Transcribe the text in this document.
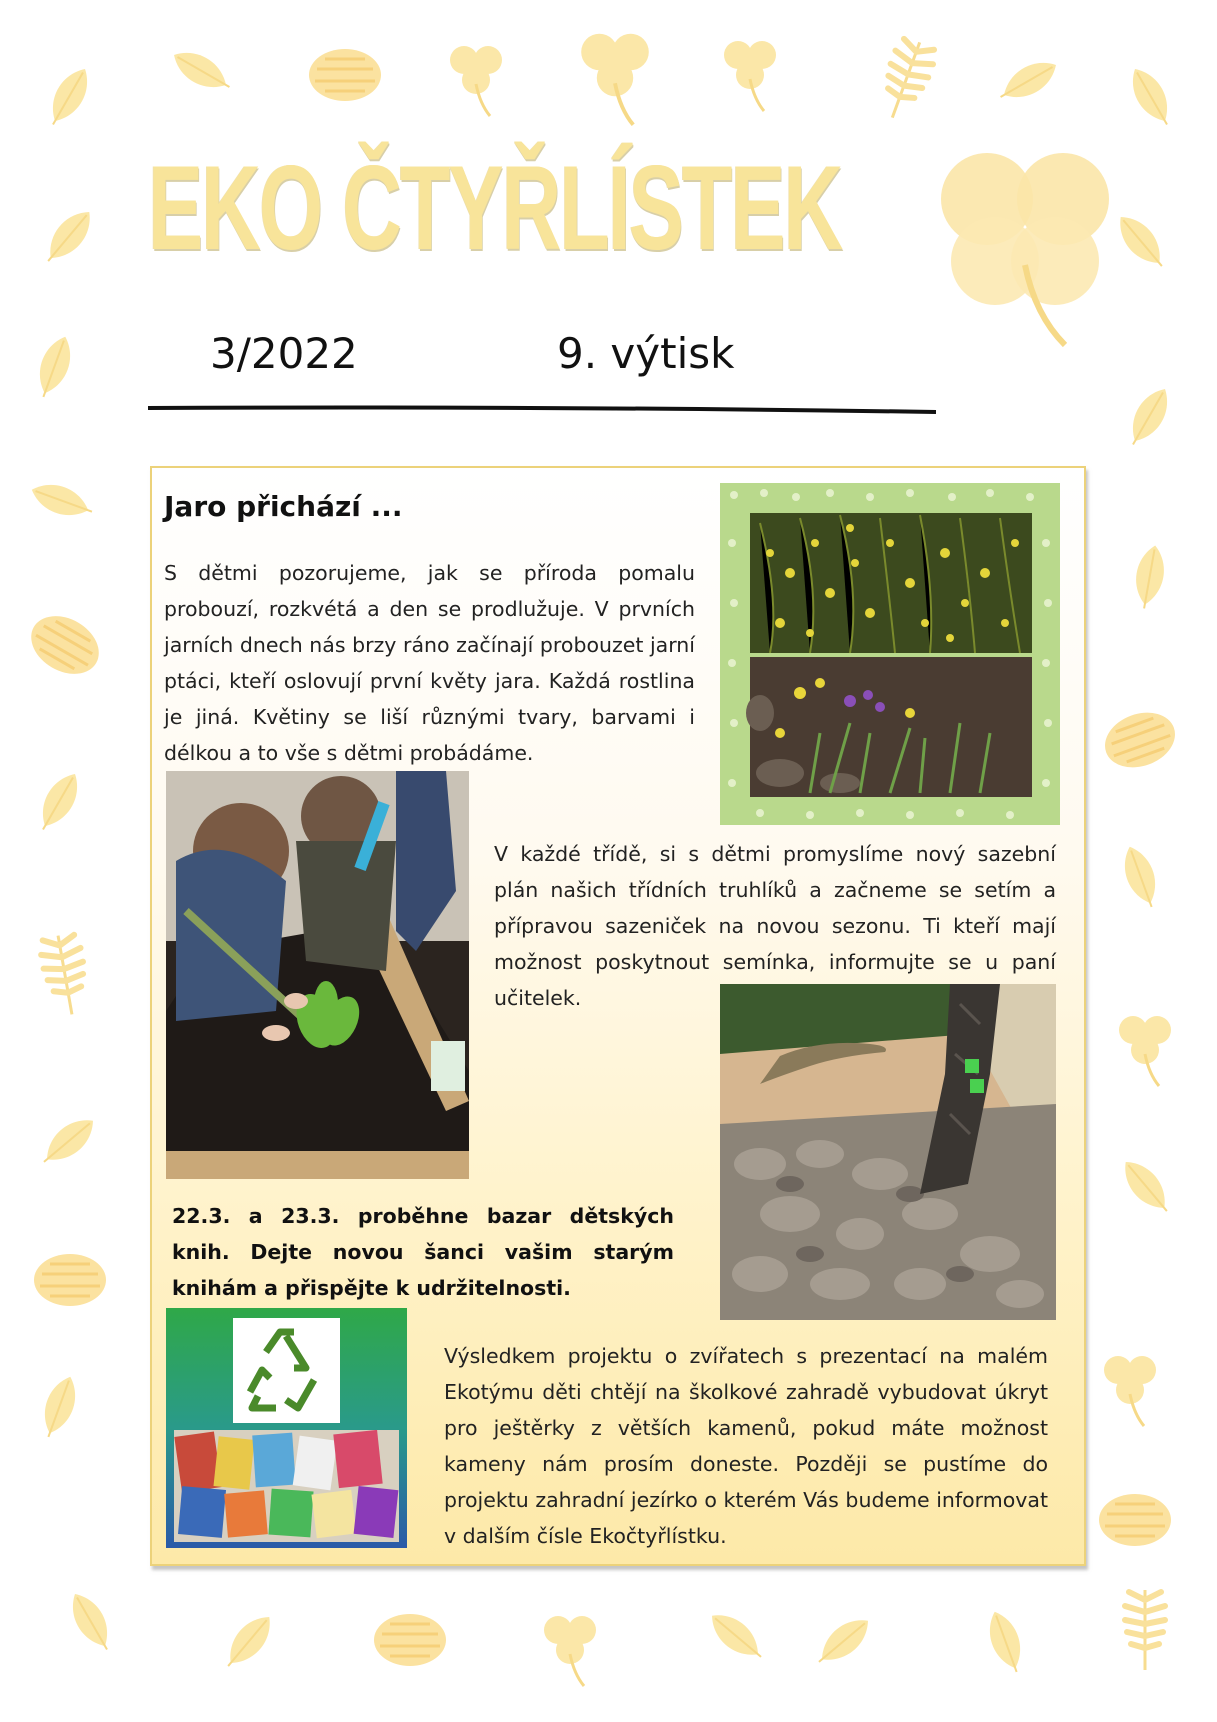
EKO ČTYŘLÍSTEK
3/2022	9. výtisk
Jaro přichází ...

S dětmi pozorujeme, jak se příroda pomalu probouzí, rozkvétá a den se prodlužuje. V prvních jarních dnech nás brzy ráno začínají probouzet jarní ptáci, kteří oslovují první květy jara. Každá rostlina je jiná. Květiny se liší různými tvary, barvami i délkou a to vše s dětmi probádáme.

V každé třídě, si s dětmi promyslíme nový sazební plán našich třídních truhlíků a začneme se setím a přípravou sazeniček na novou sezonu. Ti kteří mají možnost poskytnout semínka, informujte se u paní učitelek.

22.3. a 23.3. proběhne bazar dětských knih. Dejte novou šanci vašim starým knihám a přispějte k udržitelnosti.

Výsledkem projektu o zvířatech s prezentací na malém Ekotýmu děti chtějí na školkové zahradě vybudovat úkryt pro ještěrky z větších kamenů, pokud máte možnost kameny nám prosím doneste. Později se pustíme do projektu zahradní jezírko o kterém Vás budeme informovat v dalším čísle Ekočtyřlístku.
